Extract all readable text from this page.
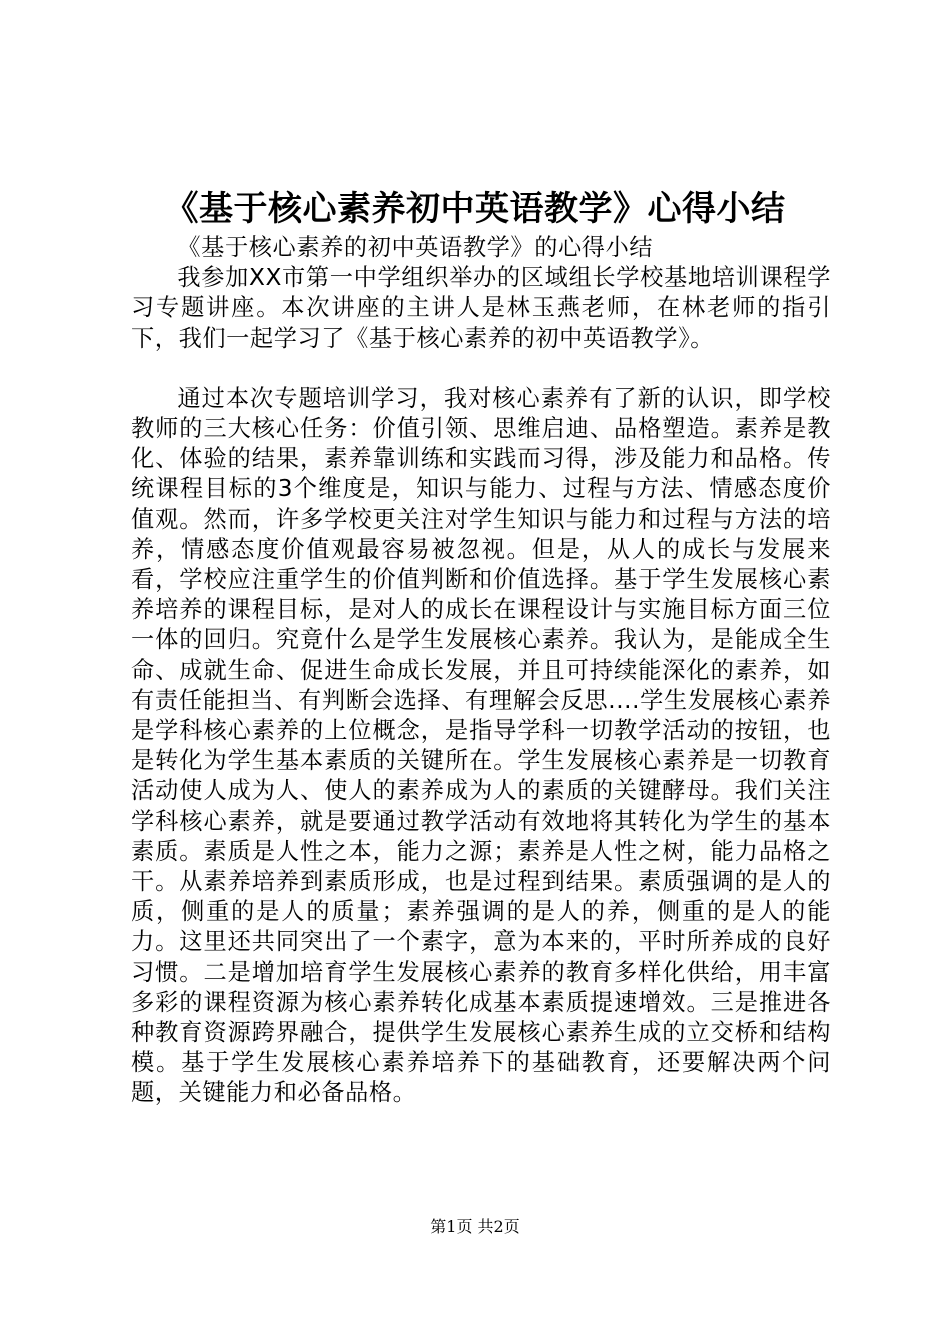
《基于核心素养初中英语教学》心得小结

《基于核心素养的初中英语教学》的心得小结

我参加XX市第一中学组织举办的区域组长学校基地培训课程学习专题讲座。本次讲座的主讲人是林玉燕老师，在林老师的指引下，我们一起学习了《基于核心素养的初中英语教学》。

通过本次专题培训学习，我对核心素养有了新的认识，即学校教师的三大核心任务：价值引领、思维启迪、品格塑造。素养是教化、体验的结果，素养靠训练和实践而习得，涉及能力和品格。传统课程目标的3个维度是，知识与能力、过程与方法、情感态度价值观。然而，许多学校更关注对学生知识与能力和过程与方法的培养，情感态度价值观最容易被忽视。但是，从人的成长与发展来看，学校应注重学生的价值判断和价值选择。基于学生发展核心素养培养的课程目标，是对人的成长在课程设计与实施目标方面三位一体的回归。究竟什么是学生发展核心素养。我认为，是能成全生命、成就生命、促进生命成长发展，并且可持续能深化的素养，如有责任能担当、有判断会选择、有理解会反思....学生发展核心素养是学科核心素养的上位概念，是指导学科一切教学活动的按钮，也是转化为学生基本素质的关键所在。学生发展核心素养是一切教育活动使人成为人、使人的素养成为人的素质的关键酵母。我们关注学科核心素养，就是要通过教学活动有效地将其转化为学生的基本素质。素质是人性之本，能力之源；素养是人性之树，能力品格之干。从素养培养到素质形成，也是过程到结果。素质强调的是人的质，侧重的是人的质量；素养强调的是人的养，侧重的是人的能力。这里还共同突出了一个素字，意为本来的，平时所养成的良好习惯。二是增加培育学生发展核心素养的教育多样化供给，用丰富多彩的课程资源为核心素养转化成基本素质提速增效。三是推进各种教育资源跨界融合，提供学生发展核心素养生成的立交桥和结构模。基于学生发展核心素养培养下的基础教育，还要解决两个问题，关键能力和必备品格。

第1页 共2页
